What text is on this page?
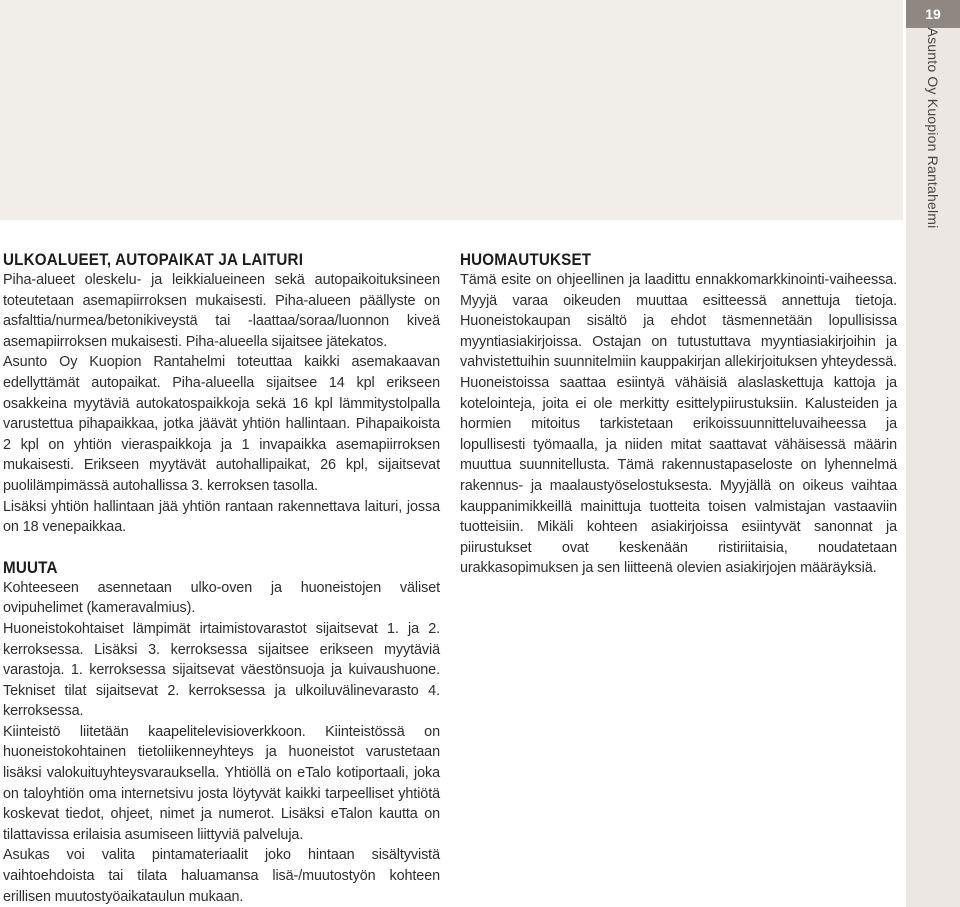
19
Asunto Oy Kuopion Rantahelmi
ULKOALUEET, AUTOPAIKAT JA LAITURI
Piha-alueet oleskelu- ja leikkialueineen sekä autopaikoituksineen toteutetaan asemapiirroksen mukaisesti. Piha-alueen päällyste on asfalttia/nurmea/betonikiveystä tai -laattaa/soraa/luonnon kiveä asemapiirroksen mukaisesti. Piha-alueella sijaitsee jätekatos.
Asunto Oy Kuopion Rantahelmi toteuttaa kaikki asemakaavan edellyttämät autopaikat. Piha-alueella sijaitsee 14 kpl erikseen osakkeina myytäviä autokatospaikkoja sekä 16 kpl lämmitystolpalla varustettua pihapaikkaa, jotka jäävät yhtiön hallintaan. Pihapaikoista 2 kpl on yhtiön vieraspaikkoja ja 1 invapaikka asemapiirroksen mukaisesti. Erikseen myytävät autohallipaikat, 26 kpl, sijaitsevat puolilämpimässä autohallissa 3. kerroksen tasolla.
Lisäksi yhtiön hallintaan jää yhtiön rantaan rakennettava laituri, jossa on 18 venepaikkaa.
MUUTA
Kohteeseen asennetaan ulko-oven ja huoneistojen väliset ovipuhelimet (kameravalmius).
Huoneistokohtaiset lämpimät irtaimistovarastot sijaitsevat 1. ja 2. kerroksessa. Lisäksi 3. kerroksessa sijaitsee erikseen myytäviä varastoja. 1. kerroksessa sijaitsevat väestönsuoja ja kuivaushuone. Tekniset tilat sijaitsevat 2. kerroksessa ja ulkoiluvälinevarasto 4. kerroksessa.
Kiinteistö liitetään kaapelitelevisioverkkoon. Kiinteistössä on huoneistokohtainen tietoliikenneyhteys ja huoneistot varustetaan lisäksi valokuituyhteysvarauksella. Yhtiöllä on eTalo kotiportaali, joka on taloyhtiön oma internetsivu josta löytyvät kaikki tarpeelliset yhtiötä koskevat tiedot, ohjeet, nimet ja numerot. Lisäksi eTalon kautta on tilattavissa erilaisia asumiseen liittyviä palveluja.
Asukas voi valita pintamateriaalit joko hintaan sisältyvistä vaihtoehdoista tai tilata haluamansa lisä-/muutostyön kohteen erillisen muutostyöaikataulun mukaan.
HUOMAUTUKSET
Tämä esite on ohjeellinen ja laadittu ennakkomarkkinointi-vaiheessa. Myyjä varaa oikeuden muuttaa esitteessä annettuja tietoja. Huoneistokaupan sisältö ja ehdot täsmennetään lopullisissa myyntiasiakirjoissa. Ostajan on tutustuttava myyntiasiakirjoihin ja vahvistettuihin suunnitelmiin kauppakirjan allekirjoituksen yhteydessä. Huoneistoissa saattaa esiintyä vähäisiä alaslaskettuja kattoja ja kotelointeja, joita ei ole merkitty esittelypiirustuksiin. Kalusteiden ja hormien mitoitus tarkistetaan erikoissuunnitteluvaiheessa ja lopullisesti työmaalla, ja niiden mitat saattavat vähäisessä määrin muuttua suunnitellusta. Tämä rakennustapaseloste on lyhennelmä rakennus- ja maalaustyöselostuksesta. Myyjällä on oikeus vaihtaa kauppanimikkeillä mainittuja tuotteita toisen valmistajan vastaaviin tuotteisiin. Mikäli kohteen asiakirjoissa esiintyvät sanonnat ja piirustukset ovat keskenään ristiriitaisia, noudatetaan urakkasopimuksen ja sen liitteenä olevien asiakirjojen määräyksiä.
